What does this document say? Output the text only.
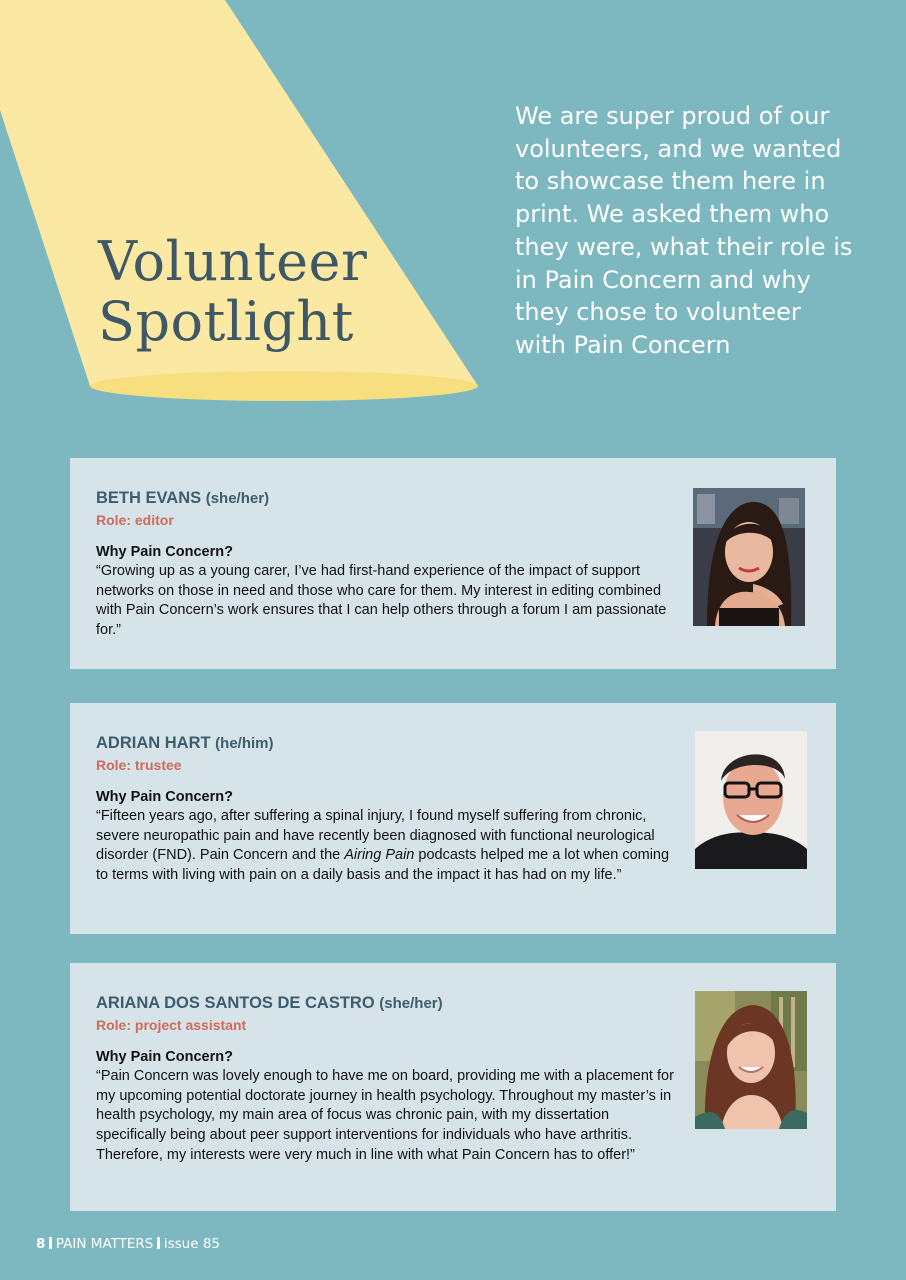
Volunteer
Spotlight

We are super proud of our volunteers, and we wanted to showcase them here in print. We asked them who they were, what their role is in Pain Concern and why they chose to volunteer with Pain Concern

BETH EVANS (she/her)

Role: editor

Why Pain Concern?

“Growing up as a young carer, I’ve had first-hand experience of the impact of support networks on those in need and those who care for them. My interest in editing combined with Pain Concern’s work ensures that I can help others through a forum I am passionate for.”

ADRIAN HART (he/him)

Role: trustee

Why Pain Concern?

“Fifteen years ago, after suffering a spinal injury, I found myself suffering from chronic, severe neuropathic pain and have recently been diagnosed with functional neurological disorder (FND). Pain Concern and the Airing Pain podcasts helped me a lot when coming to terms with living with pain on a daily basis and the impact it has had on my life.”

ARIANA DOS SANTOS DE CASTRO (she/her)

Role: project assistant

Why Pain Concern?

“Pain Concern was lovely enough to have me on board, providing me with a placement for my upcoming potential doctorate journey in health psychology. Throughout my master’s in health psychology, my main area of focus was chronic pain, with my dissertation specifically being about peer support interventions for individuals who have arthritis. Therefore, my interests were very much in line with what Pain Concern has to offer!”

8 PAIN MATTERS issue 85
